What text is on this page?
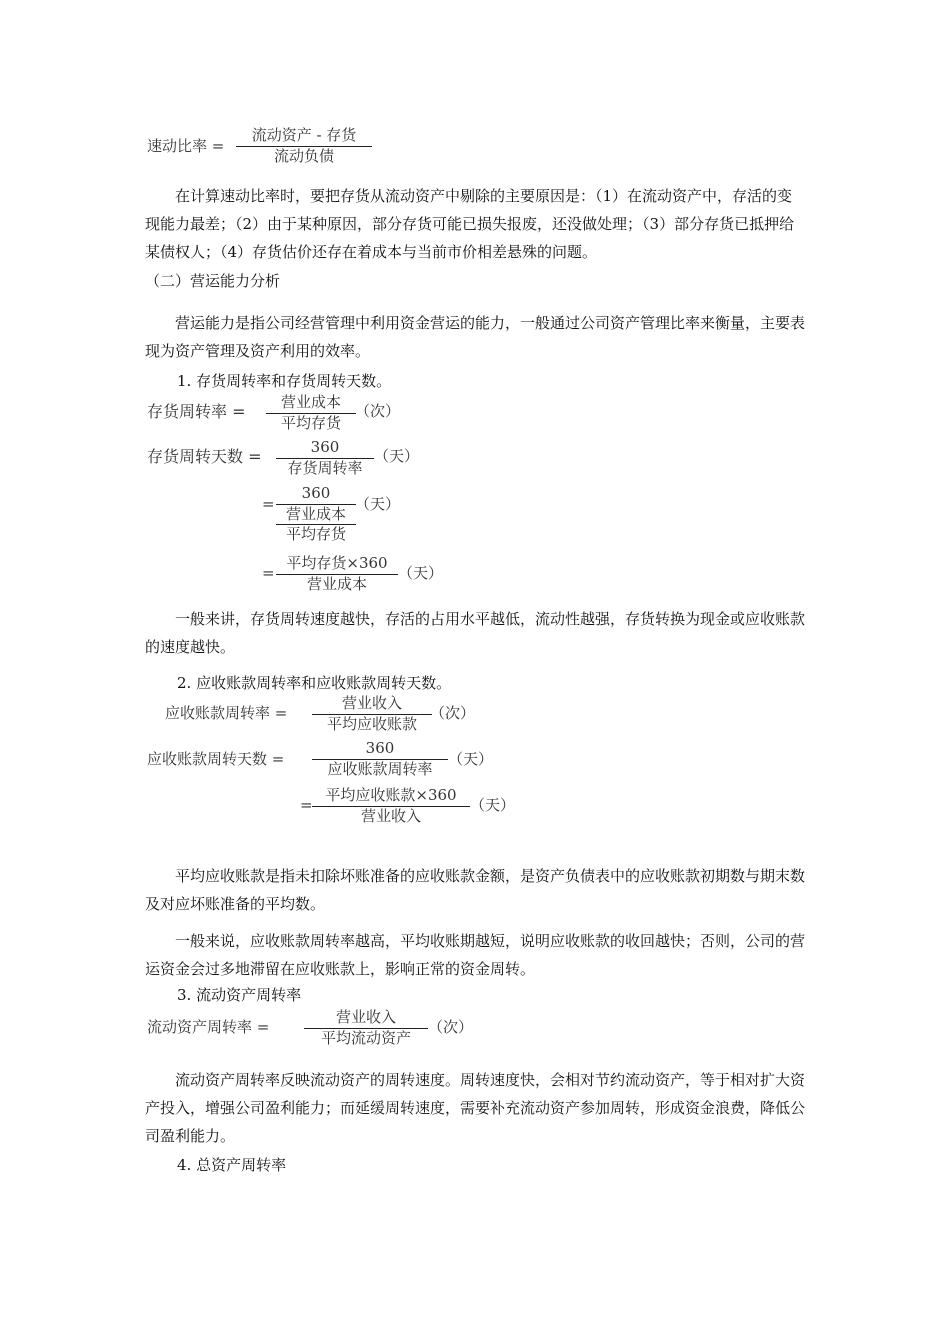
速动比率 =
流动资产 - 存货
流动负债
在计算速动比率时，要把存货从流动资产中剔除的主要原因是：（1）在流动资产中，存活的变现能力最差；（2）由于某种原因，部分存货可能已损失报废，还没做处理；（3）部分存货已抵押给某债权人；（4）存货估价还存在着成本与当前市价相差悬殊的问题。
（二）营运能力分析
营运能力是指公司经营管理中利用资金营运的能力，一般通过公司资产管理比率来衡量，主要表现为资产管理及资产利用的效率。
1. 存货周转率和存货周转天数。
存货周转率 =	营业成本
平均存货
（次）
存货周转天数 =	360
存货周转率
（天）
=
360
营业成本
平均存货
（天）
=
平均存货×360
营业成本
（天）
一般来讲，存货周转速度越快，存活的占用水平越低，流动性越强，存货转换为现金或应收账款的速度越快。
2. 应收账款周转率和应收账款周转天数。
应收账款周转率 =
营业收入
平均应收账款
（次）
应收账款周转天数 =
360
应收账款周转率
（天）
=
平均应收账款×360
营业收入
（天）
平均应收账款是指未扣除坏账准备的应收账款金额，是资产负债表中的应收账款初期数与期末数及对应坏账准备的平均数。
一般来说，应收账款周转率越高，平均收账期越短，说明应收账款的收回越快；否则，公司的营运资金会过多地滞留在应收账款上，影响正常的资金周转。
3. 流动资产周转率
流动资产周转率 =
营业收入
平均流动资产
（次）
流动资产周转率反映流动资产的周转速度。周转速度快，会相对节约流动资产，等于相对扩大资产投入，增强公司盈利能力；而延缓周转速度，需要补充流动资产参加周转，形成资金浪费，降低公司盈利能力。
4. 总资产周转率
